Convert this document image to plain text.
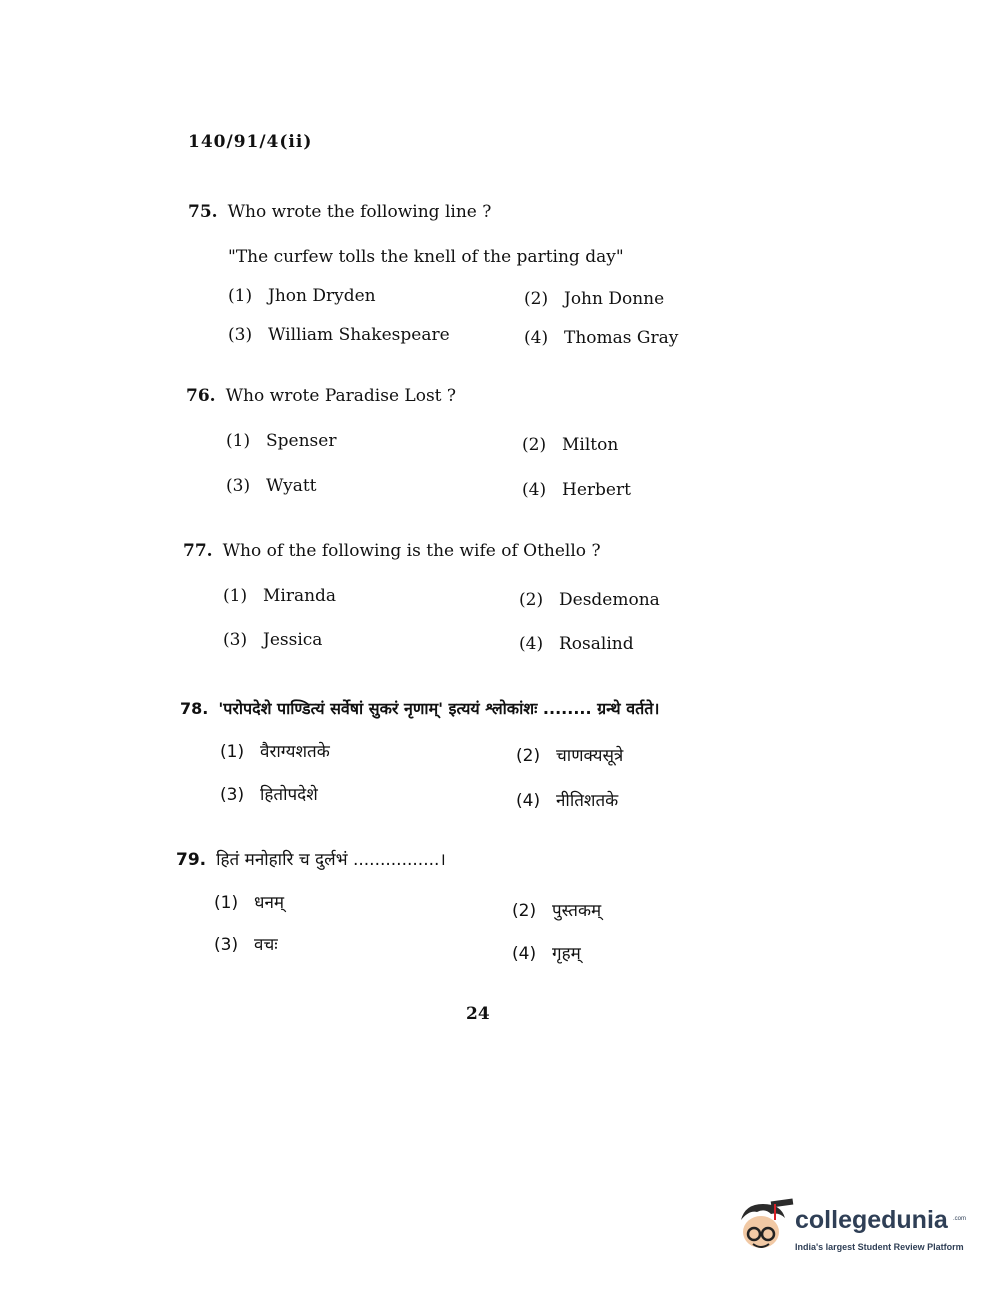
140/91/4(ii)
75. Who wrote the following line ?
"The curfew tolls the knell of the parting day"
(1) Jhon Dryden	(2) John Donne
(3) William Shakespeare	(4) Thomas Gray
76. Who wrote Paradise Lost ?
(1) Spenser	(2) Milton
(3) Wyatt	(4) Herbert
77. Who of the following is the wife of Othello ?
(1) Miranda	(2) Desdemona
(3) Jessica	(4) Rosalind
78. 'परोपदेशे पाण्डित्यं सर्वेषां सुकरं नृणाम्' इत्ययं श्लोकांशः ........ ग्रन्थे वर्तते।
(1) वैराग्यशतके	(2) चाणक्यसूत्रे
(3) हितोपदेशे	(4) नीतिशतके
79. हितं मनोहारि च दुर्लभं ................।
(1) धनम्	(2) पुस्तकम्
(3) वचः	(4) गृहम्
24
collegedunia .com
India's largest Student Review Platform
